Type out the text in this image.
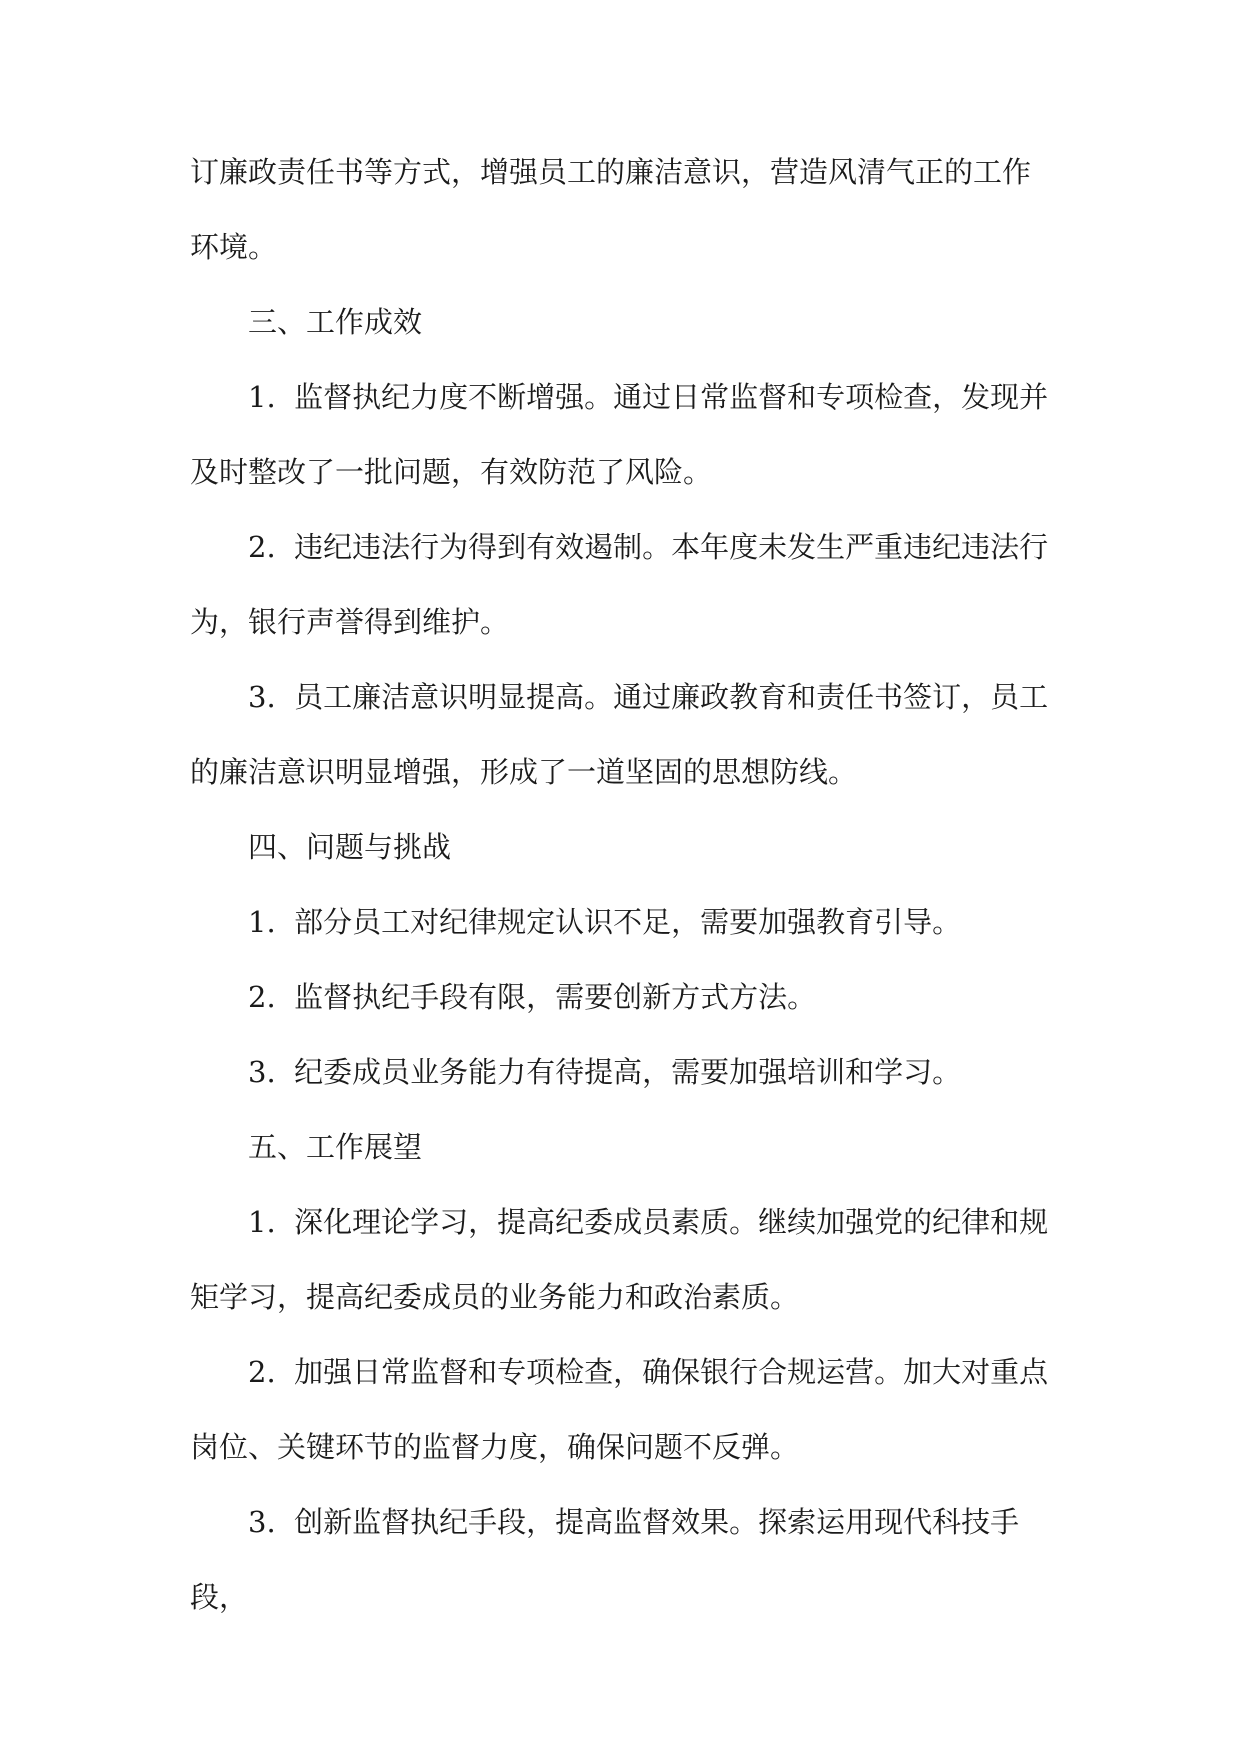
订廉政责任书等方式，增强员工的廉洁意识，营造风清气正的工作环境。

三、工作成效

1.  监督执纪力度不断增强。通过日常监督和专项检查，发现并及时整改了一批问题，有效防范了风险。

2.  违纪违法行为得到有效遏制。本年度未发生严重违纪违法行为，银行声誉得到维护。

3.  员工廉洁意识明显提高。通过廉政教育和责任书签订，员工的廉洁意识明显增强，形成了一道坚固的思想防线。

四、问题与挑战

1.  部分员工对纪律规定认识不足，需要加强教育引导。

2.  监督执纪手段有限，需要创新方式方法。

3.  纪委成员业务能力有待提高，需要加强培训和学习。

五、工作展望

1.  深化理论学习，提高纪委成员素质。继续加强党的纪律和规矩学习，提高纪委成员的业务能力和政治素质。

2.  加强日常监督和专项检查，确保银行合规运营。加大对重点岗位、关键环节的监督力度，确保问题不反弹。

3.  创新监督执纪手段，提高监督效果。探索运用现代科技手段，
